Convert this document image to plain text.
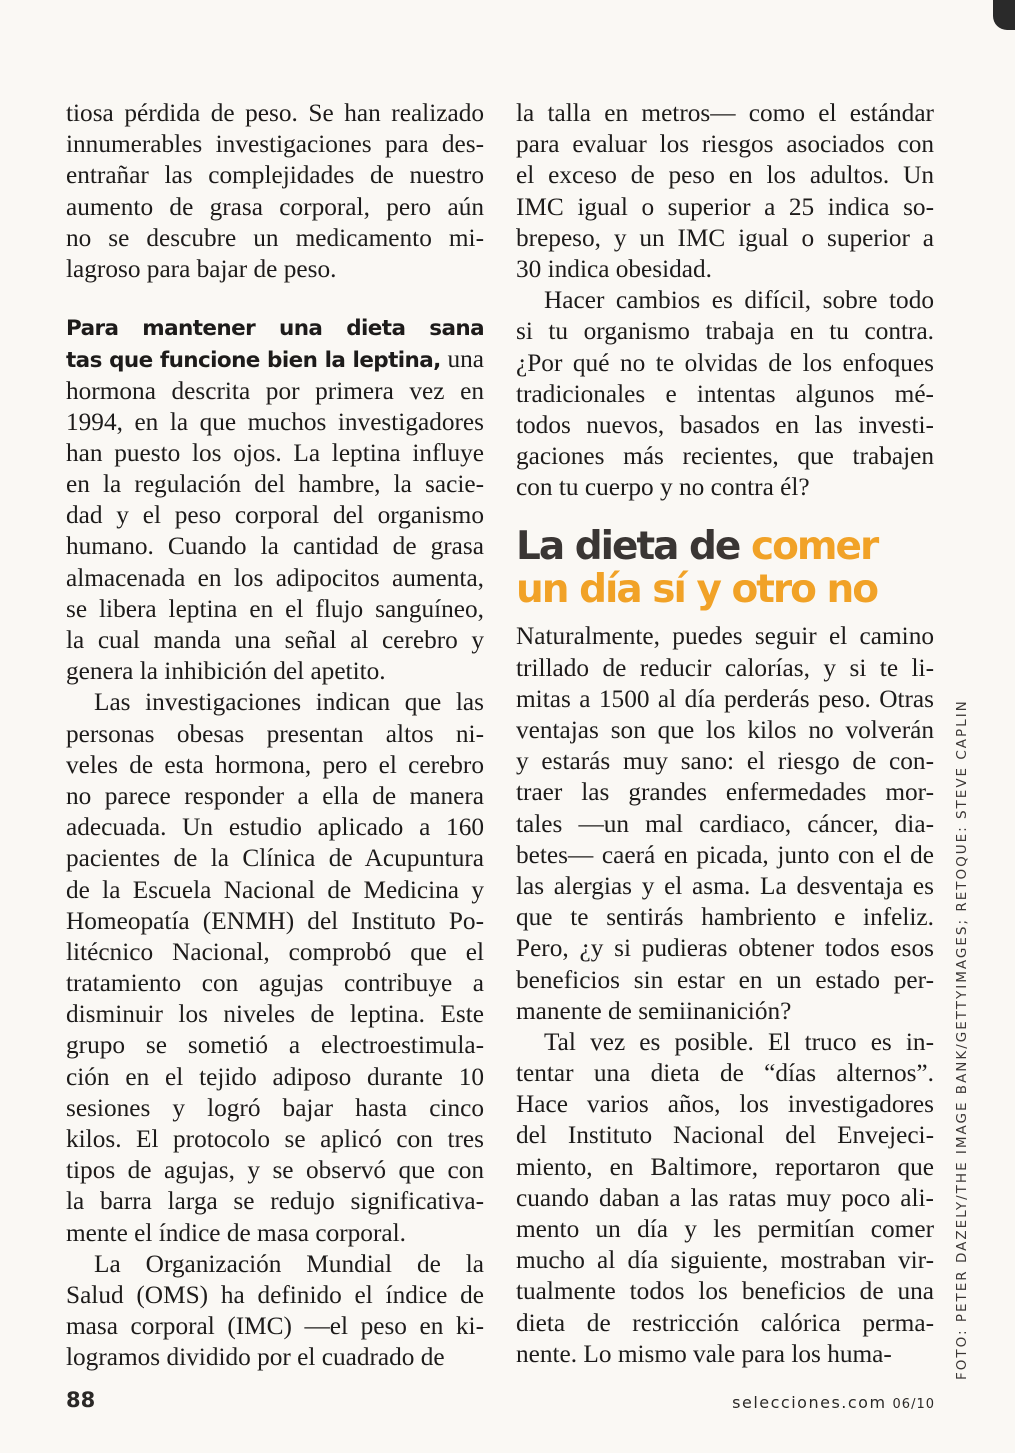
tiosa pérdida de peso. Se han realizado
innumerables investigaciones para des-
entrañar las complejidades de nuestro
aumento de grasa corporal, pero aún
no se descubre un medicamento mi-
lagroso para bajar de peso.
Para mantener una dieta sana
tas que funcione bien la leptina, una
hormona descrita por primera vez en
1994, en la que muchos investigadores
han puesto los ojos. La leptina influye
en la regulación del hambre, la sacie-
dad y el peso corporal del organismo
humano. Cuando la cantidad de grasa
almacenada en los adipocitos aumenta,
se libera leptina en el flujo sanguíneo,
la cual manda una señal al cerebro y
genera la inhibición del apetito.
Las investigaciones indican que las
personas obesas presentan altos ni-
veles de esta hormona, pero el cerebro
no parece responder a ella de manera
adecuada. Un estudio aplicado a 160
pacientes de la Clínica de Acupuntura
de la Escuela Nacional de Medicina y
Homeopatía (ENMH) del Instituto Po-
litécnico Nacional, comprobó que el
tratamiento con agujas contribuye a
disminuir los niveles de leptina. Este
grupo se sometió a electroestimula-
ción en el tejido adiposo durante 10
sesiones y logró bajar hasta cinco
kilos. El protocolo se aplicó con tres
tipos de agujas, y se observó que con
la barra larga se redujo significativa-
mente el índice de masa corporal.
La Organización Mundial de la
Salud (OMS) ha definido el índice de
masa corporal (IMC) —el peso en ki-
logramos dividido por el cuadrado de
la talla en metros— como el estándar
para evaluar los riesgos asociados con
el exceso de peso en los adultos. Un
IMC igual o superior a 25 indica so-
brepeso, y un IMC igual o superior a
30 indica obesidad.
Hacer cambios es difícil, sobre todo
si tu organismo trabaja en tu contra.
¿Por qué no te olvidas de los enfoques
tradicionales e intentas algunos mé-
todos nuevos, basados en las investi-
gaciones más recientes, que trabajen
con tu cuerpo y no contra él?
La dieta de comer
un día sí y otro no
Naturalmente, puedes seguir el camino
trillado de reducir calorías, y si te li-
mitas a 1500 al día perderás peso. Otras
ventajas son que los kilos no volverán
y estarás muy sano: el riesgo de con-
traer las grandes enfermedades mor-
tales —un mal cardiaco, cáncer, dia-
betes— caerá en picada, junto con el de
las alergias y el asma. La desventaja es
que te sentirás hambriento e infeliz.
Pero, ¿y si pudieras obtener todos esos
beneficios sin estar en un estado per-
manente de semiinanición?
Tal vez es posible. El truco es in-
tentar una dieta de “días alternos”.
Hace varios años, los investigadores
del Instituto Nacional del Envejeci-
miento, en Baltimore, reportaron que
cuando daban a las ratas muy poco ali-
mento un día y les permitían comer
mucho al día siguiente, mostraban vir-
tualmente todos los beneficios de una
dieta de restricción calórica perma-
nente. Lo mismo vale para los huma-
88	selecciones.com 06/10
FOTO: PETER DAZELY/THE IMAGE BANK/GETTYIMAGES; RETOQUE: STEVE CAPLIN
